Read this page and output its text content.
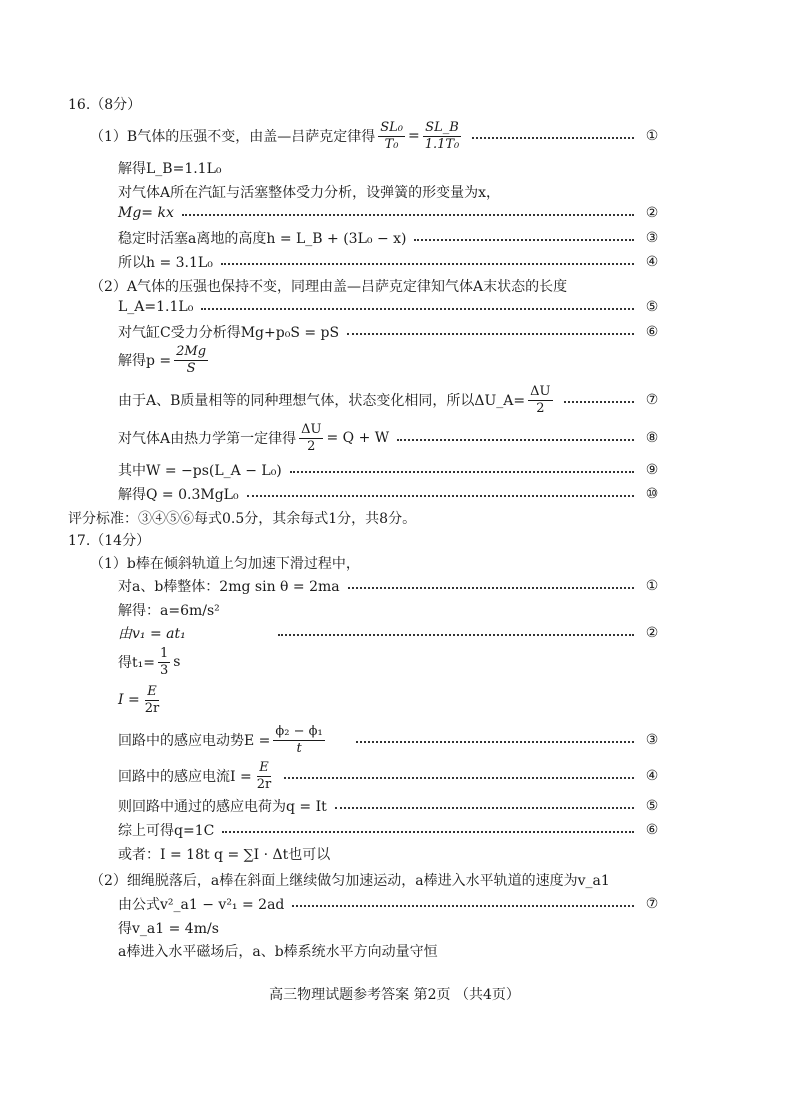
16.（8分）
（1）B气体的压强不变，由盖—吕萨克定律得 $\frac{\text{SL₀}}{\text{T₀}} = \frac{SL\_B}{\text{1.1T₀}}$	①
解得L_B=1.1L₀
对气体A所在汽缸与活塞整体受力分析，设弹簧的形变量为x，
Mg= kx	②
稳定时活塞a离地的高度h = L_B + (3L₀ − x)	③
所以h = 3.1L₀	④
（2）A气体的压强也保持不变，同理由盖—吕萨克定律知气体A末状态的长度
L_A=1.1L₀	⑤
对气缸C受力分析得Mg+p₀S = pS	⑥
解得$p = \frac{2Mg}{S}$
由于A、B质量相等的同种理想气体，状态变化相同，所以ΔU_A= $\frac{\Delta U}{2}$	⑦
对气体A由热力学第一定律得 $\frac{\Delta U}{2} = Q + W$	⑧
其中W = −ps(L_A − L₀)	⑨
解得Q = 0.3MgL₀	⑩
评分标准：③④⑤⑥每式0.5分，其余每式1分，共8分。
17.（14分）
（1）b棒在倾斜轨道上匀加速下滑过程中，
对a、b棒整体：2mg sin θ = 2ma	①
解得：a=6m/s²
由v₁ = at₁	②
得$t_1= \frac{1}{3}$ s
$I = \frac{E}{2r}$
回路中的感应电动势$E = \frac{\text{ϕ₂ − ϕ₁}}{t}$	③
回路中的感应电流$I = \frac{E}{2r}$	④
则回路中通过的感应电荷为q = It	⑤
综上可得q=1C	⑥
或者：I = 18t q = ∑I · Δt也可以
（2）细绳脱落后，a棒在斜面上继续做匀加速运动，a棒进入水平轨道的速度为v_a1
由公式v²_a1 − v²₁ = 2ad	⑦
得v_a1 = 4m/s
a棒进入水平磁场后，a、b棒系统水平方向动量守恒
高三物理试题参考答案 第2页 （共4页）
